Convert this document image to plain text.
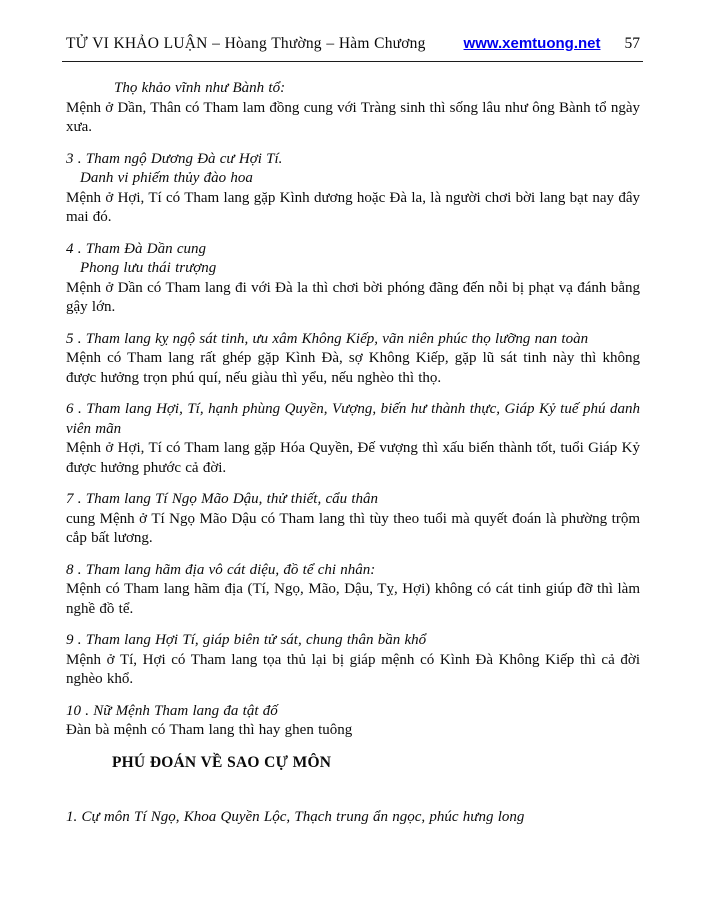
TỬ VI KHẢO LUẬN – Hòang Thường – Hàm Chương	www.xemtuong.net 57
Thọ khảo vĩnh như Bành tổ:

Mệnh ở Dần, Thân có Tham lam đồng cung với Tràng sinh thì sống lâu như ông Bành tổ ngày xưa.

3 . Tham ngộ Dương Đà cư Hợi Tí.
Danh vi phiếm thủy đào hoa

Mệnh ở Hợi, Tí có Tham lang gặp Kình dương hoặc Đà la, là người chơi bời lang bạt nay đây mai đó.

4 . Tham Đà Dần cung
Phong lưu thái trượng

Mệnh ở Dần có Tham lang đi với Đà la thì chơi bời phóng đãng đến nỗi bị phạt vạ đánh bằng gậy lớn.

5 . Tham lang kỵ ngộ sát tinh, ưu xâm Không Kiếp, vãn niên phúc thọ lưỡng nan toàn

Mệnh có Tham lang rất ghép gặp Kình Đà, sợ Không Kiếp, gặp lũ sát tinh này thì không được hưởng trọn phú quí, nếu giàu thì yểu, nếu nghèo thì thọ.

6 . Tham lang Hợi, Tí, hạnh phùng Quyền, Vượng, biến hư thành thực, Giáp Kỷ tuế phú danh viên mãn

Mệnh ở Hợi, Tí có Tham lang gặp Hóa Quyền, Đế vượng thì xấu biến thành tốt, tuổi Giáp Kỷ được hưởng phước cả đời.

7 . Tham lang Tí Ngọ Mão Dậu, thử thiết, cẩu thân

cung Mệnh ở Tí Ngọ Mão Dậu có Tham lang thì tùy theo tuổi mà quyết đoán là phường trộm cắp bất lương.

8 . Tham lang hãm địa vô cát diệu, đồ tể chi nhân:

Mệnh có Tham lang hãm địa (Tí, Ngọ, Mão, Dậu, Tỵ, Hợi) không có cát tinh giúp đỡ thì làm nghề đồ tể.

9 . Tham lang Hợi Tí, giáp biên tử sát, chung thân bần khổ

Mệnh ở Tí, Hợi có Tham lang tọa thủ lại bị giáp mệnh có Kình Đà Không Kiếp thì cả đời nghèo khổ.

10 . Nữ Mệnh Tham lang đa tật đố

Đàn bà mệnh có Tham lang thì hay ghen tuông

PHÚ ĐOÁN VỀ SAO CỰ MÔN
1. Cự môn Tí Ngọ, Khoa Quyền Lộc, Thạch trung ẩn ngọc, phúc hưng long
